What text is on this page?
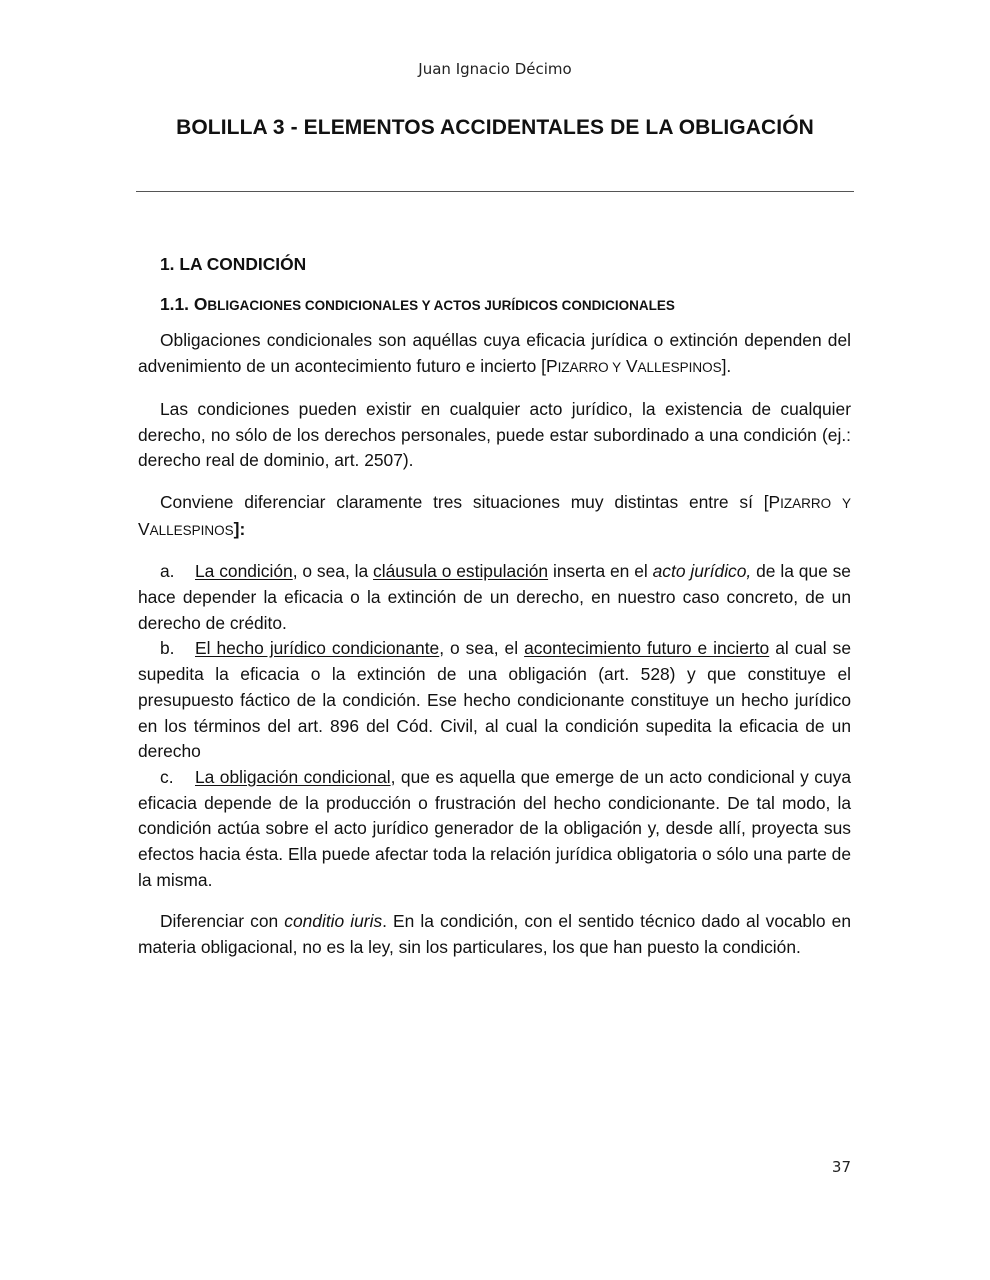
Juan Ignacio Décimo
BOLILLA 3 - ELEMENTOS ACCIDENTALES DE LA OBLIGACIÓN
1. LA CONDICIÓN
1.1. OBLIGACIONES CONDICIONALES Y ACTOS JURÍDICOS CONDICIONALES

Obligaciones condicionales son aquéllas cuya eficacia jurídica o extinción dependen del advenimiento de un acontecimiento futuro e incierto [PIZARRO Y VALLESPINOS].

Las condiciones pueden existir en cualquier acto jurídico, la existencia de cualquier derecho, no sólo de los derechos personales, puede estar subordinado a una condición (ej.: derecho real de dominio, art. 2507).

Conviene diferenciar claramente tres situaciones muy distintas entre sí [PIZARRO Y VALLESPINOS]:

a. La condición, o sea, la cláusula o estipulación inserta en el acto jurídico, de la que se hace depender la eficacia o la extinción de un derecho, en nuestro caso concreto, de un derecho de crédito.

b. El hecho jurídico condicionante, o sea, el acontecimiento futuro e incierto al cual se supedita la eficacia o la extinción de una obligación (art. 528) y que constituye el presupuesto fáctico de la condición. Ese hecho condicionante constituye un hecho jurídico en los términos del art. 896 del Cód. Civil, al cual la condición supedita la eficacia de un derecho

c. La obligación condicional, que es aquella que emerge de un acto condicional y cuya eficacia depende de la producción o frustración del hecho condicionante. De tal modo, la condición actúa sobre el acto jurídico generador de la obligación y, desde allí, proyecta sus efectos hacia ésta. Ella puede afectar toda la relación jurídica obligatoria o sólo una parte de la misma.

Diferenciar con conditio iuris. En la condición, con el sentido técnico dado al vocablo en materia obligacional, no es la ley, sin los particulares, los que han puesto la condición.

37
